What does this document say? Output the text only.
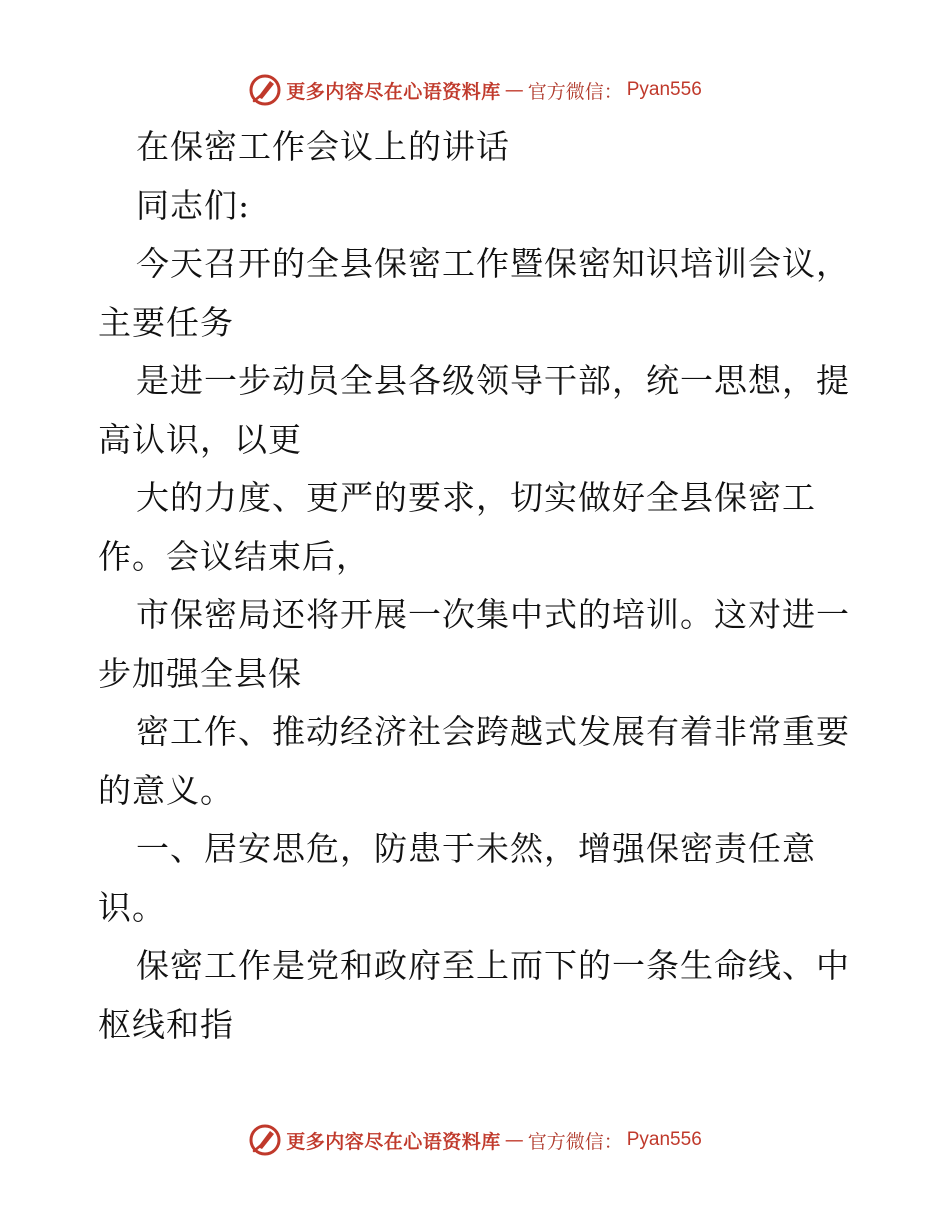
更多内容尽在心语资料库 — 官方微信： Pyan556
在保密工作会议上的讲话
同志们:
今天召开的全县保密工作暨保密知识培训会议，
主要任务
是进一步动员全县各级领导干部，统一思想，提
高认识，以更
大的力度、更严的要求，切实做好全县保密工
作。会议结束后，
市保密局还将开展一次集中式的培训。这对进一
步加强全县保
密工作、推动经济社会跨越式发展有着非常重要
的意义。
一、居安思危，防患于未然，增强保密责任意
识。
保密工作是党和政府至上而下的一条生命线、中
枢线和指
更多内容尽在心语资料库 — 官方微信： Pyan556
